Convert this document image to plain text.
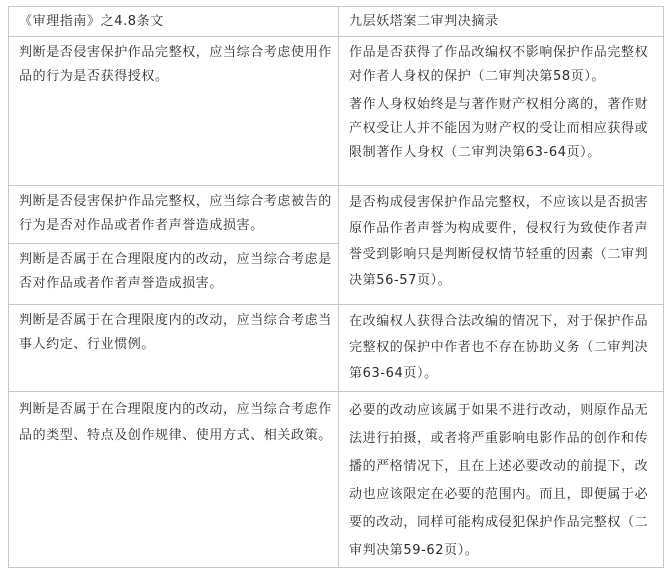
《审理指南》之4.8条文	九层妖塔案二审判决摘录

判断是否侵害保护作品完整权，应当综合考虑使用作品的行为是否获得授权。

作品是否获得了作品改编权不影响保护作品完整权对作者人身权的保护（二审判决第58页）。

著作人身权始终是与著作财产权相分离的，著作财产权受让人并不能因为财产权的受让而相应获得或限制著作人身权（二审判决第63-64页）。

判断是否侵害保护作品完整权，应当综合考虑被告的行为是否对作品或者作者声誉造成损害。

判断是否属于在合理限度内的改动，应当综合考虑是否对作品或者作者声誉造成损害。

是否构成侵害保护作品完整权，不应该以是否损害原作品作者声誉为构成要件，侵权行为致使作者声誉受到影响只是判断侵权情节轻重的因素（二审判决第56-57页）。

判断是否属于在合理限度内的改动，应当综合考虑当事人约定、行业惯例。

在改编权人获得合法改编的情况下，对于保护作品完整权的保护中作者也不存在协助义务（二审判决第63-64页）。

判断是否属于在合理限度内的改动，应当综合考虑作品的类型、特点及创作规律、使用方式、相关政策。

必要的改动应该属于如果不进行改动，则原作品无法进行拍摄，或者将严重影响电影作品的创作和传播的严格情况下，且在上述必要改动的前提下，改动也应该限定在必要的范围内。而且，即便属于必要的改动，同样可能构成侵犯保护作品完整权（二审判决第59-62页）。
